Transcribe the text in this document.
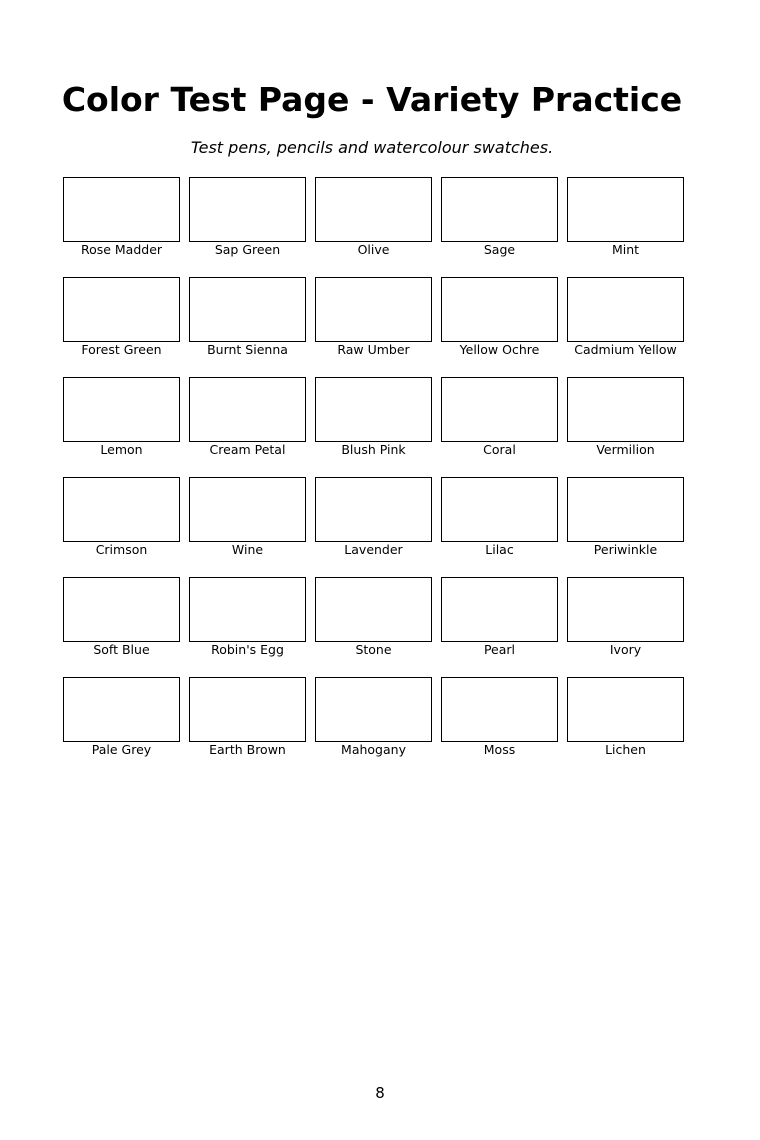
Color Test Page - Variety Practice

Test pens, pencils and watercolour swatches.

Rose Madder	Sap Green	Olive	Sage	Mint
Forest Green	Burnt Sienna	Raw Umber	Yellow Ochre	Cadmium Yellow
Lemon	Cream Petal	Blush Pink	Coral	Vermilion
Crimson	Wine	Lavender	Lilac	Periwinkle
Soft Blue	Robin's Egg	Stone	Pearl	Ivory
Pale Grey	Earth Brown	Mahogany	Moss	Lichen
8
